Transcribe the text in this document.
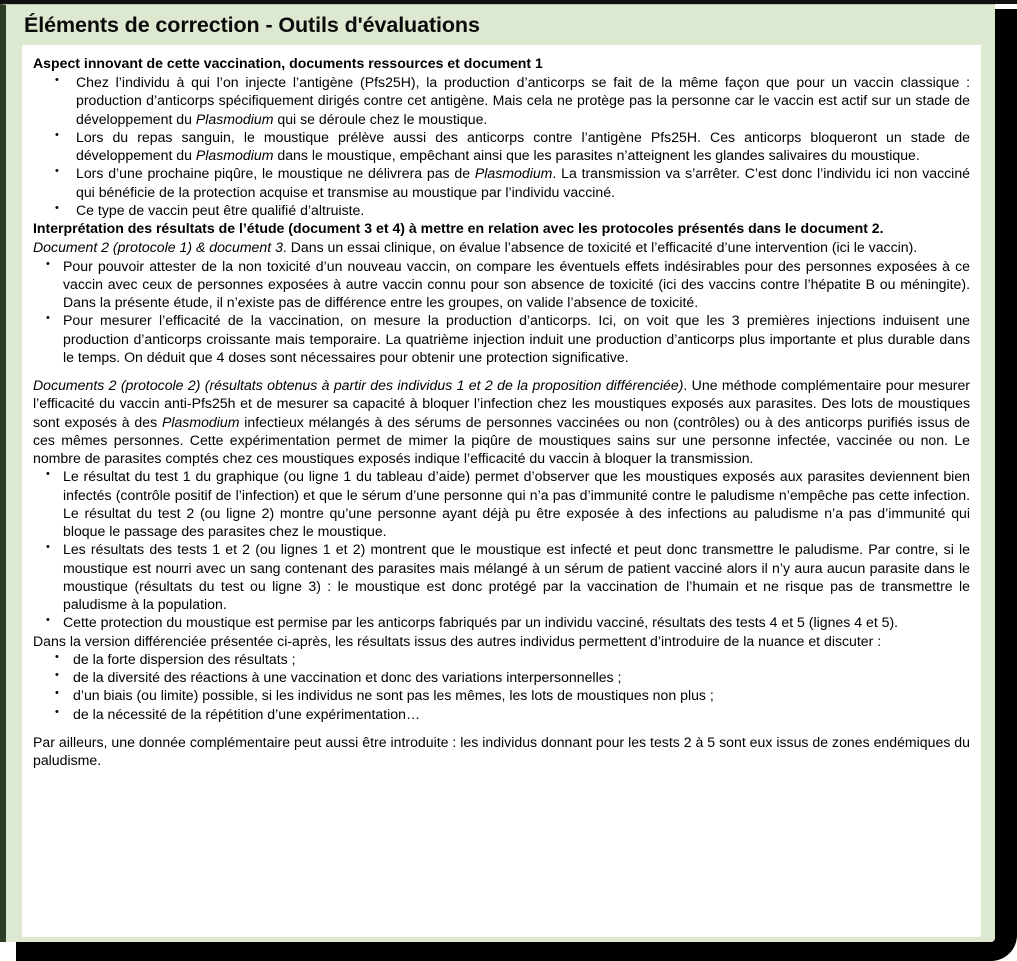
Éléments de correction - Outils d'évaluations

Aspect innovant de cette vaccination, documents ressources et document 1

• Chez l’individu à qui l’on injecte l’antigène (Pfs25H), la production d’anticorps se fait de la même façon que pour un vaccin classique : production d’anticorps spécifiquement dirigés contre cet antigène. Mais cela ne protège pas la personne car le vaccin est actif sur un stade de développement du Plasmodium qui se déroule chez le moustique.
• Lors du repas sanguin, le moustique prélève aussi des anticorps contre l’antigène Pfs25H. Ces anticorps bloqueront un stade de développement du Plasmodium dans le moustique, empêchant ainsi que les parasites n’atteignent les glandes salivaires du moustique.
• Lors d’une prochaine piqûre, le moustique ne délivrera pas de Plasmodium. La transmission va s’arrêter. C’est donc l’individu ici non vacciné qui bénéficie de la protection acquise et transmise au moustique par l’individu vacciné.
• Ce type de vaccin peut être qualifié d’altruiste.

Interprétation des résultats de l’étude (document 3 et 4) à mettre en relation avec les protocoles présentés dans le document 2.

Document 2 (protocole 1) & document 3. Dans un essai clinique, on évalue l’absence de toxicité et l’efficacité d’une intervention (ici le vaccin).

• Pour pouvoir attester de la non toxicité d’un nouveau vaccin, on compare les éventuels effets indésirables pour des personnes exposées à ce vaccin avec ceux de personnes exposées à autre vaccin connu pour son absence de toxicité (ici des vaccins contre l’hépatite B ou méningite). Dans la présente étude, il n’existe pas de différence entre les groupes, on valide l’absence de toxicité.
• Pour mesurer l’efficacité de la vaccination, on mesure la production d’anticorps. Ici, on voit que les 3 premières injections induisent une production d’anticorps croissante mais temporaire. La quatrième injection induit une production d’anticorps plus importante et plus durable dans le temps. On déduit que 4 doses sont nécessaires pour obtenir une protection significative.

Documents 2 (protocole 2) (résultats obtenus à partir des individus 1 et 2 de la proposition différenciée). Une méthode complémentaire pour mesurer l’efficacité du vaccin anti-Pfs25h et de mesurer sa capacité à bloquer l’infection chez les moustiques exposés aux parasites. Des lots de moustiques sont exposés à des Plasmodium infectieux mélangés à des sérums de personnes vaccinées ou non (contrôles) ou à des anticorps purifiés issus de ces mêmes personnes. Cette expérimentation permet de mimer la piqûre de moustiques sains sur une personne infectée, vaccinée ou non. Le nombre de parasites comptés chez ces moustiques exposés indique l’efficacité du vaccin à bloquer la transmission.

• Le résultat du test 1 du graphique (ou ligne 1 du tableau d’aide) permet d’observer que les moustiques exposés aux parasites deviennent bien infectés (contrôle positif de l’infection) et que le sérum d’une personne qui n’a pas d’immunité contre le paludisme n’empêche pas cette infection. Le résultat du test 2 (ou ligne 2) montre qu’une personne ayant déjà pu être exposée à des infections au paludisme n’a pas d’immunité qui bloque le passage des parasites chez le moustique.
• Les résultats des tests 1 et 2 (ou lignes 1 et 2) montrent que le moustique est infecté et peut donc transmettre le paludisme. Par contre, si le moustique est nourri avec un sang contenant des parasites mais mélangé à un sérum de patient vacciné alors il n’y aura aucun parasite dans le moustique (résultats du test ou ligne 3) : le moustique est donc protégé par la vaccination de l’humain et ne risque pas de transmettre le paludisme à la population.
• Cette protection du moustique est permise par les anticorps fabriqués par un individu vacciné, résultats des tests 4 et 5 (lignes 4 et 5).

Dans la version différenciée présentée ci-après, les résultats issus des autres individus permettent d’introduire de la nuance et discuter :

• de la forte dispersion des résultats ;
• de la diversité des réactions à une vaccination et donc des variations interpersonnelles ;
• d’un biais (ou limite) possible, si les individus ne sont pas les mêmes, les lots de moustiques non plus ;
• de la nécessité de la répétition d’une expérimentation…

Par ailleurs, une donnée complémentaire peut aussi être introduite : les individus donnant pour les tests 2 à 5 sont eux issus de zones endémiques du paludisme.
